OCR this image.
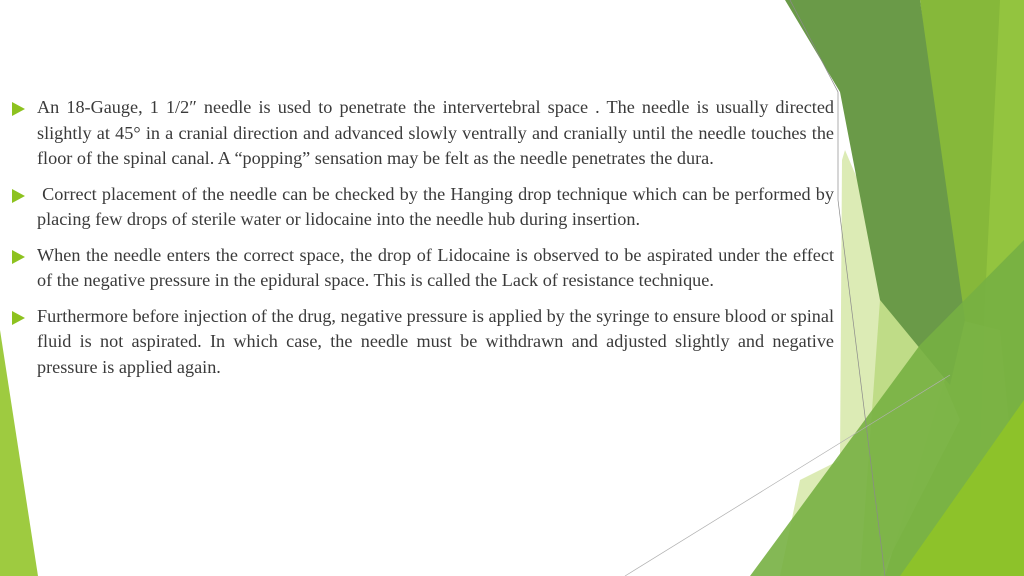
An 18-Gauge, 1 1/2″ needle is used to penetrate the intervertebral space . The needle is usually directed slightly at 45° in a cranial direction and advanced slowly ventrally and cranially until the needle touches the floor of the spinal canal. A “popping” sensation may be felt as the needle penetrates the dura.

Correct placement of the needle can be checked by the Hanging drop technique which can be performed by placing few drops of sterile water or lidocaine into the needle hub during insertion.

When the needle enters the correct space, the drop of Lidocaine is observed to be aspirated under the effect of the negative pressure in the epidural space. This is called the Lack of resistance technique.

Furthermore before injection of the drug, negative pressure is applied by the syringe to ensure blood or spinal fluid is not aspirated. In which case, the needle must be withdrawn and adjusted slightly and negative pressure is applied again.
